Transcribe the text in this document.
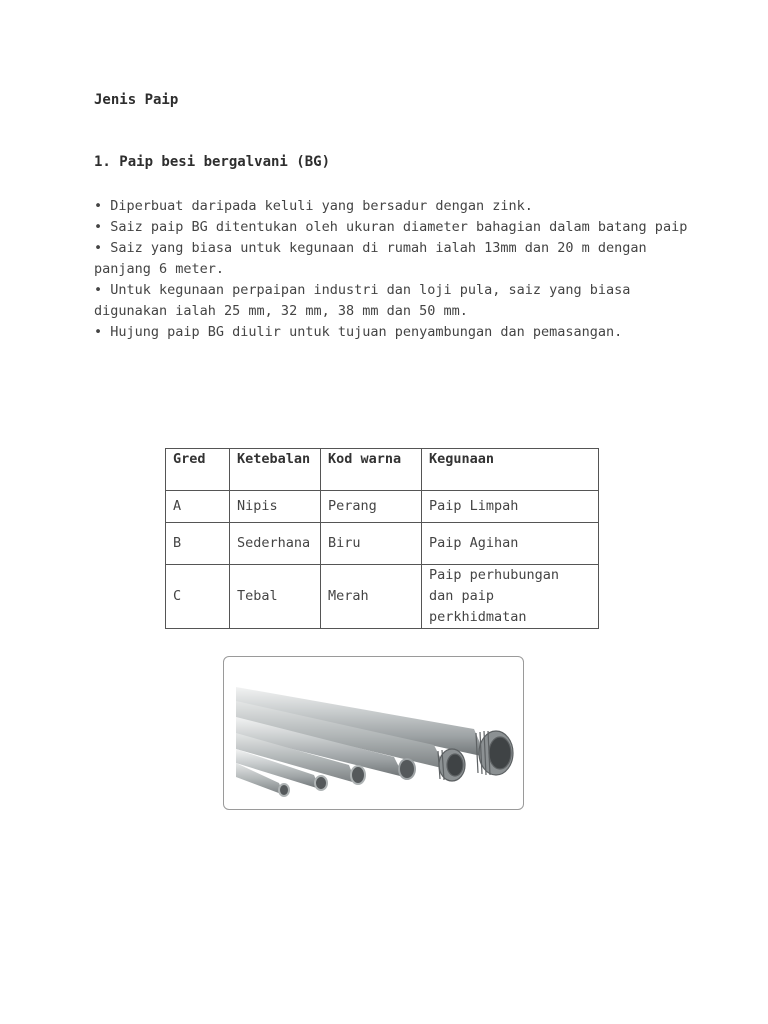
Jenis Paip
1. Paip besi bergalvani (BG)
• Diperbuat daripada keluli yang bersadur dengan zink.
• Saiz paip BG ditentukan oleh ukuran diameter bahagian dalam batang paip
• Saiz yang biasa untuk kegunaan di rumah ialah 13mm dan 20 m dengan panjang 6 meter.
• Untuk kegunaan perpaipan industri dan loji pula, saiz yang biasa digunakan ialah 25 mm, 32 mm, 38 mm dan 50 mm.
• Hujung paip BG diulir untuk tujuan penyambungan dan pemasangan.
Gred	Ketebalan	Kod warna	Kegunaan
A	Nipis	Perang	Paip Limpah
B	Sederhana	Biru	Paip Agihan
C	Tebal	Merah	Paip perhubungan dan paip perkhidmatan
